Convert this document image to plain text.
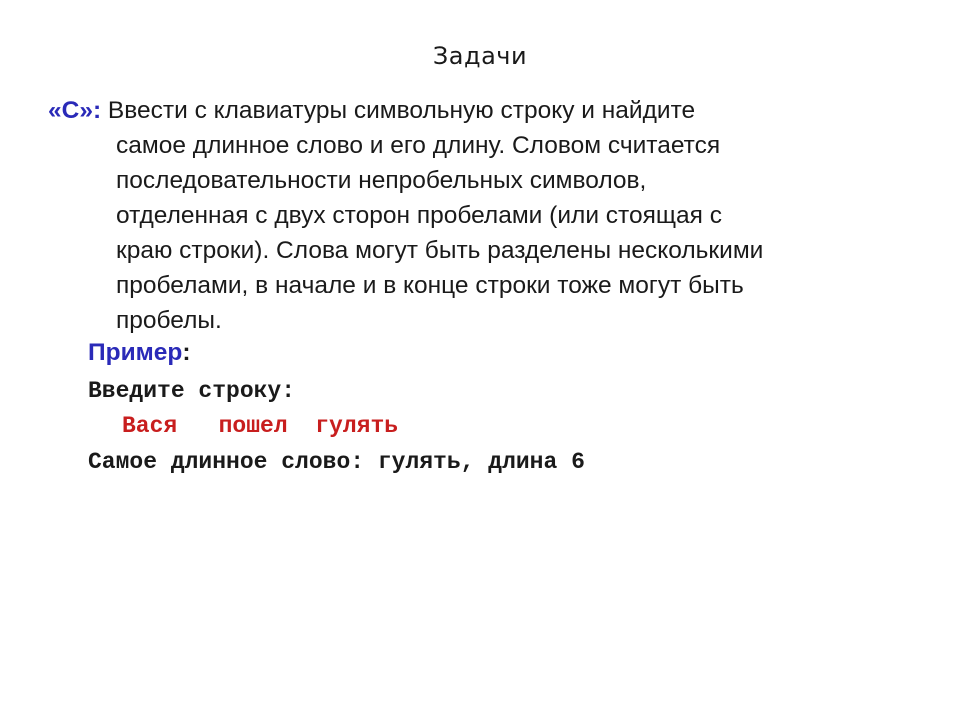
Задачи
«С»: Ввести с клавиатуры символьную строку и найдите
самое длинное слово и его длину. Словом считается
последовательности непробельных символов,
отделенная с двух сторон пробелами (или стоящая с
краю строки). Слова могут быть разделены несколькими
пробелами, в начале и в конце строки тоже могут быть
пробелы.
Пример:
Введите строку:
Вася   пошел  гулять
Самое длинное слово: гулять, длина 6
